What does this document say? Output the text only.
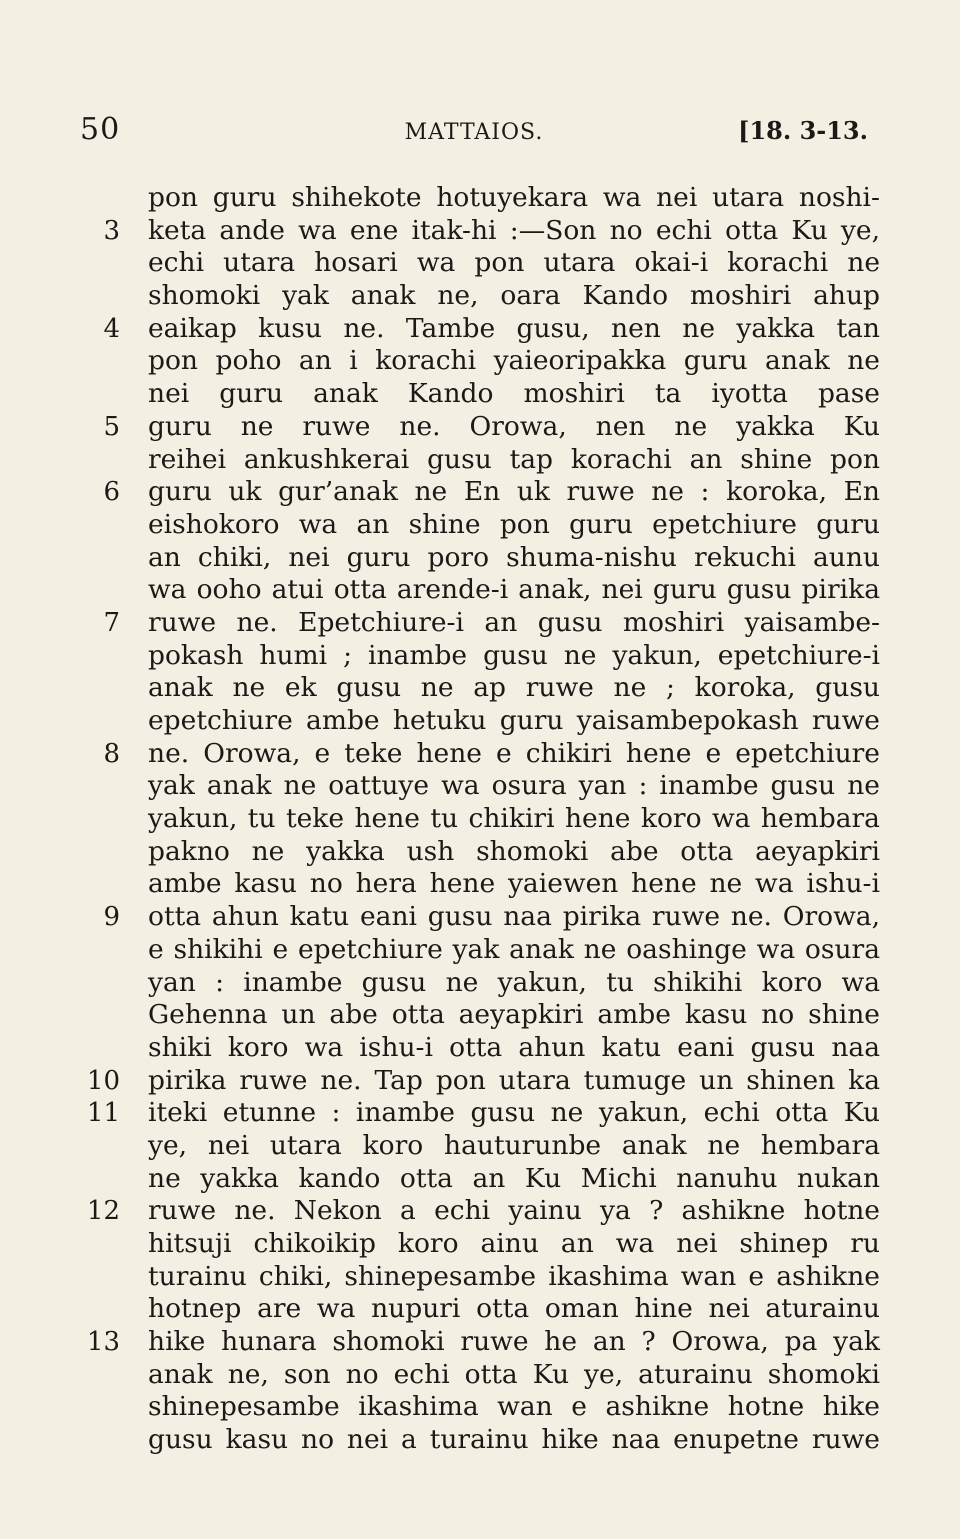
50	MATTAIOS.	[18. 3-13.
pon guru shihekote hotuyekara wa nei utara noshi-
3 keta ande wa ene itak-hi :—Son no echi otta Ku ye,
echi utara hosari wa pon utara okai-i korachi ne
shomoki yak anak ne, oara Kando moshiri ahup
4 eaikap kusu ne. Tambe gusu, nen ne yakka tan
pon poho an i korachi yaieoripakka guru anak ne
nei guru anak Kando moshiri ta iyotta pase
5 guru ne ruwe ne. Orowa, nen ne yakka Ku
reihei ankushkerai gusu tap korachi an shine pon
6 guru uk gur’anak ne En uk ruwe ne : koroka, En
eishokoro wa an shine pon guru epetchiure guru
an chiki, nei guru poro shuma-nishu rekuchi aunu
wa ooho atui otta arende-i anak, nei guru gusu pirika
7 ruwe ne. Epetchiure-i an gusu moshiri yaisambe-
pokash humi ; inambe gusu ne yakun, epetchiure-i
anak ne ek gusu ne ap ruwe ne ; koroka, gusu
epetchiure ambe hetuku guru yaisambepokash ruwe
8 ne. Orowa, e teke hene e chikiri hene e epetchiure
yak anak ne oattuye wa osura yan : inambe gusu ne
yakun, tu teke hene tu chikiri hene koro wa hembara
pakno ne yakka ush shomoki abe otta aeyapkiri
ambe kasu no hera hene yaiewen hene ne wa ishu-i
9 otta ahun katu eani gusu naa pirika ruwe ne. Orowa,
e shikihi e epetchiure yak anak ne oashinge wa osura
yan : inambe gusu ne yakun, tu shikihi koro wa
Gehenna un abe otta aeyapkiri ambe kasu no shine
shiki koro wa ishu-i otta ahun katu eani gusu naa
10 pirika ruwe ne. Tap pon utara tumuge un shinen ka
11 iteki etunne : inambe gusu ne yakun, echi otta Ku
ye, nei utara koro hauturunbe anak ne hembara
ne yakka kando otta an Ku Michi nanuhu nukan
12 ruwe ne. Nekon a echi yainu ya ? ashikne hotne
hitsuji chikoikip koro ainu an wa nei shinep ru
turainu chiki, shinepesambe ikashima wan e ashikne
hotnep are wa nupuri otta oman hine nei aturainu
13 hike hunara shomoki ruwe he an ? Orowa, pa yak
anak ne, son no echi otta Ku ye, aturainu shomoki
shinepesambe ikashima wan e ashikne hotne hike
gusu kasu no nei a turainu hike naa enupetne ruwe
